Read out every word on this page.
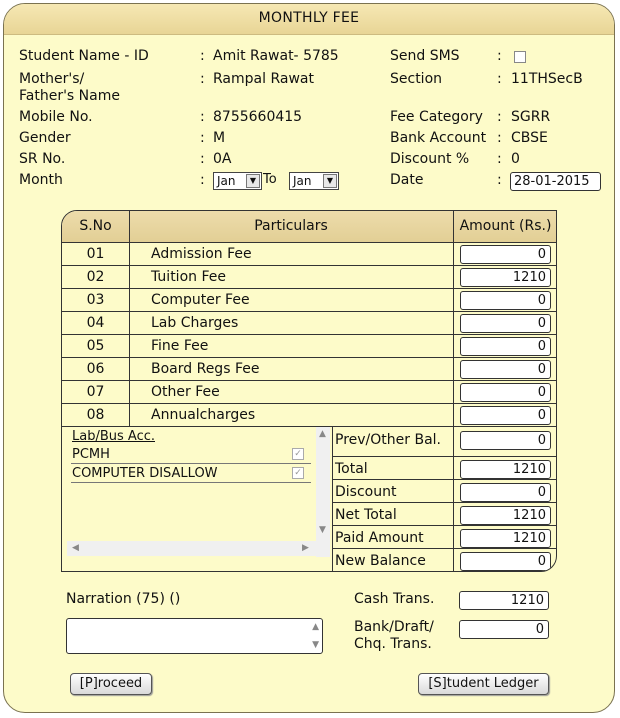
MONTHLY FEE
Student Name - ID	: Amit Rawat- 5785
Mother's/
Father's Name
: Rampal Rawat
Mobile No.	: 8755660415
Gender	: M
SR No.	: 0A
Month	: Jan	▼ To Jan	▼
Send SMS	:
Section	: 11THSecB
Fee Category : SGRR
Bank Account : CBSE
Discount % : 0
Date	: 28-01-2015
S.No	Particulars	Amount (Rs.)
01	Admission Fee	0
02	Tuition Fee	1210
03	Computer Fee	0
04	Lab Charges	0
05	Fine Fee	0
06	Board Regs Fee	0
07	Other Fee	0
08	Annualcharges	0
Prev/Other Bal.	0
Total	1210
Discount	0
Net Total	1210
Paid Amount	1210
New Balance	0
Lab/Bus Acc.
PCMH	✓
COMPUTER DISALLOW	✓
▲
▼
◀	▶
Narration (75) ()
▲
▼
Cash Trans.	1210
Bank/Draft/
Chq. Trans.
0
[P]roceed	[S]tudent Ledger
